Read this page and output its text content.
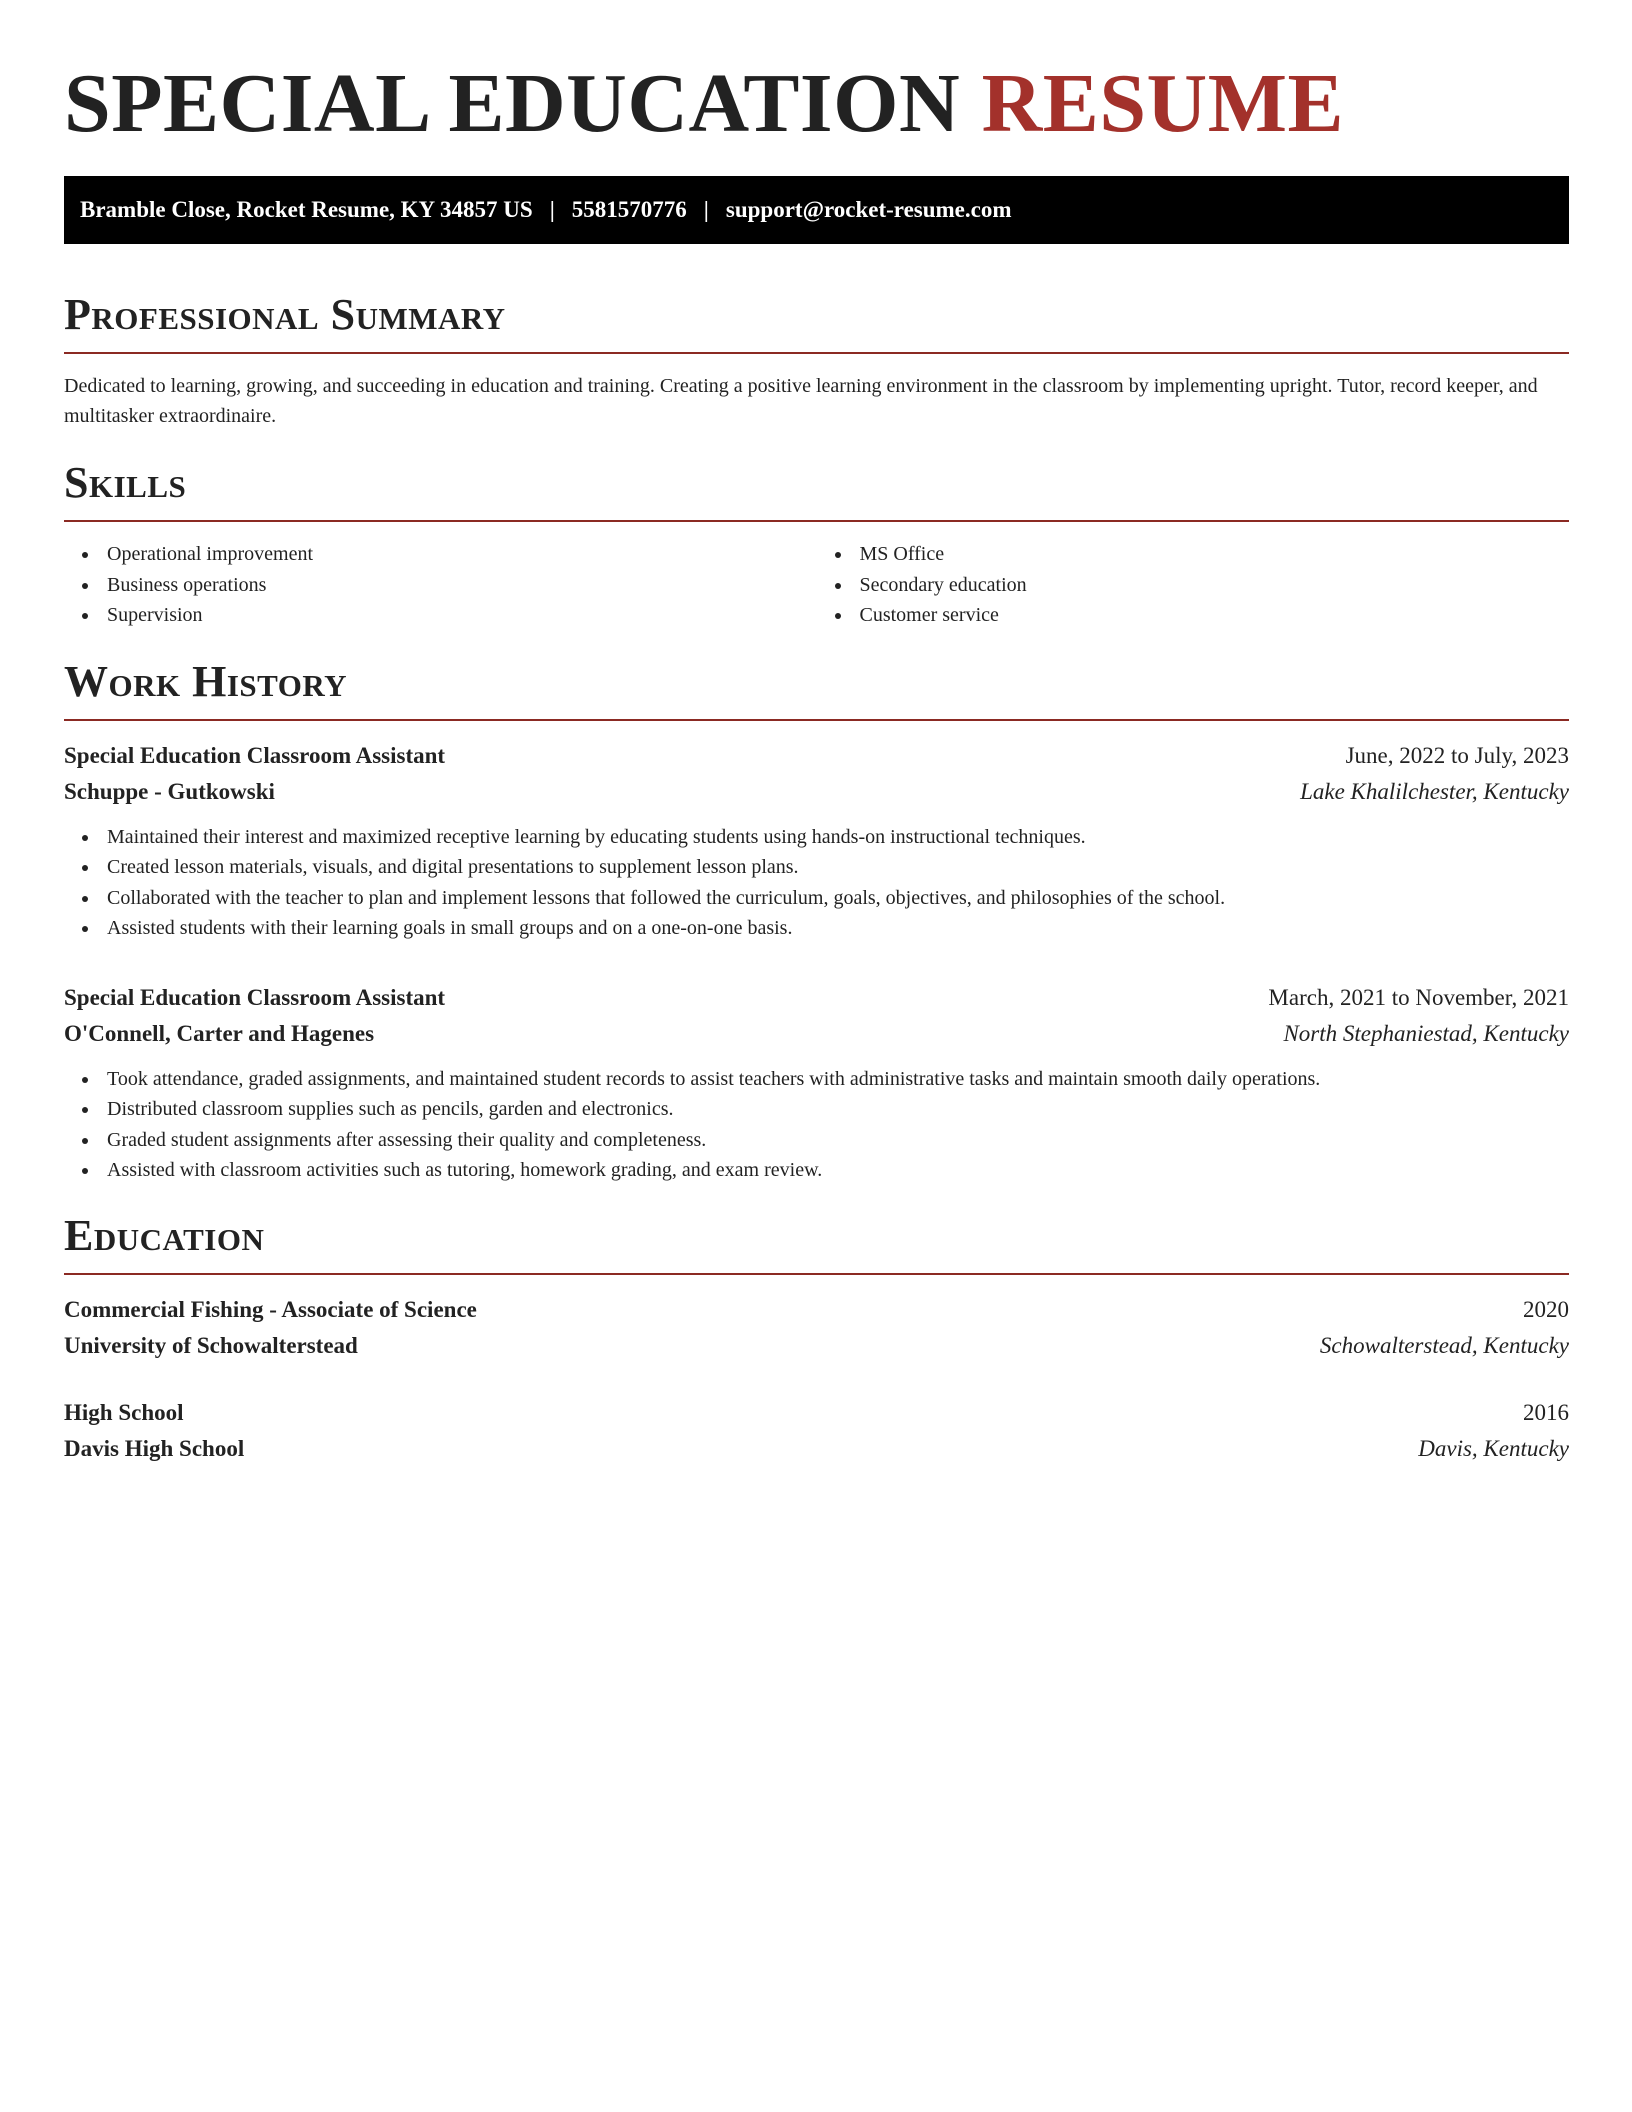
SPECIAL EDUCATION RESUME
Bramble Close, Rocket Resume, KY 34857 US | 5581570776 | support@rocket-resume.com
Professional Summary

Dedicated to learning, growing, and succeeding in education and training. Creating a positive learning environment in the classroom by implementing upright. Tutor, record keeper, and multitasker extraordinaire.

Skills
Operational improvement
Business operations
Supervision
MS Office
Secondary education
Customer service
Work History
Special Education Classroom Assistant	June, 2022 to July, 2023
Schuppe - Gutkowski	Lake Khalilchester, Kentucky
Maintained their interest and maximized receptive learning by educating students using hands-on instructional techniques.
Created lesson materials, visuals, and digital presentations to supplement lesson plans.
Collaborated with the teacher to plan and implement lessons that followed the curriculum, goals, objectives, and philosophies of the school.
Assisted students with their learning goals in small groups and on a one-on-one basis.
Special Education Classroom Assistant	March, 2021 to November, 2021
O'Connell, Carter and Hagenes	North Stephaniestad, Kentucky
Took attendance, graded assignments, and maintained student records to assist teachers with administrative tasks and maintain smooth daily operations.
Distributed classroom supplies such as pencils, garden and electronics.
Graded student assignments after assessing their quality and completeness.
Assisted with classroom activities such as tutoring, homework grading, and exam review.
Education
Commercial Fishing - Associate of Science	2020
University of Schowalterstead	Schowalterstead, Kentucky
High School	2016
Davis High School	Davis, Kentucky
